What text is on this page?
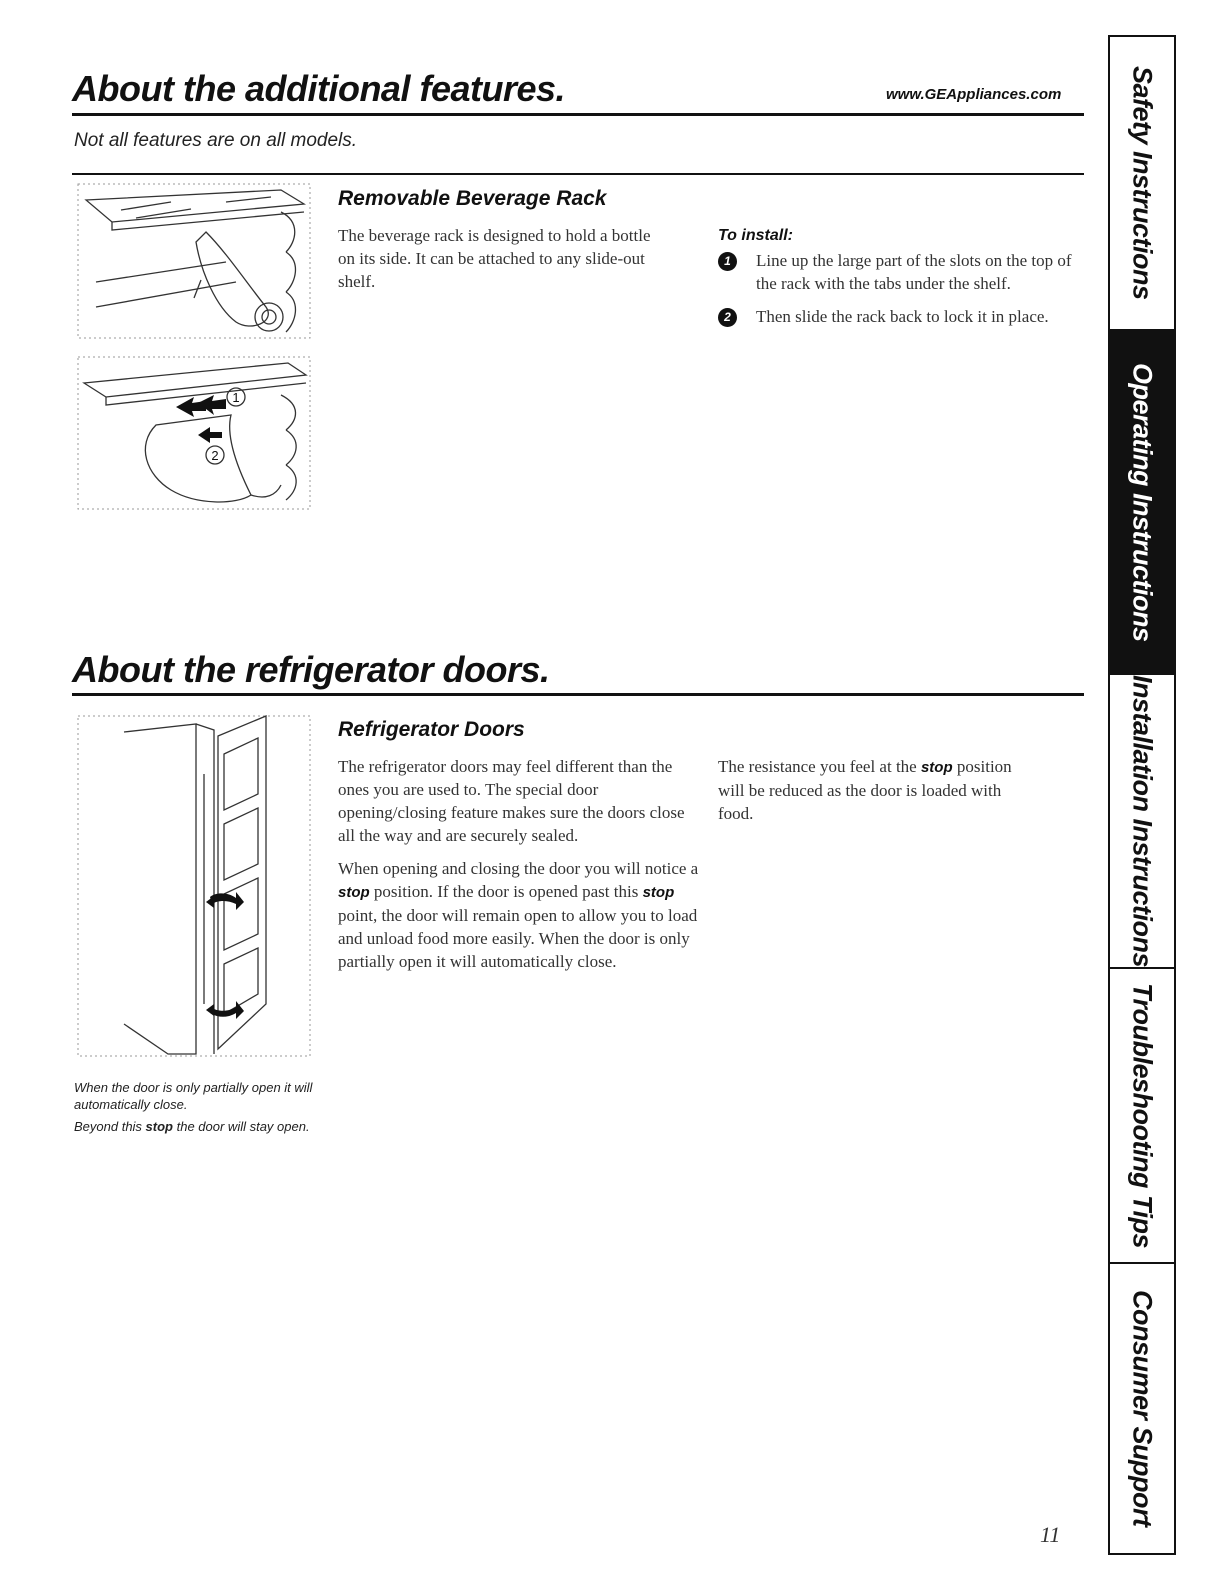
About the additional features.	www.GEAppliances.com
Not all features are on all models.
1
2
Removable Beverage Rack

The beverage rack is designed to hold a bottle on its side. It can be attached to any slide-out shelf.

To install:
1	Line up the large part of the slots on the top of the rack with the tabs under the shelf.

2	Then slide the rack back to lock it in place.

About the refrigerator doors.
When the door is only partially open it will automatically close.
Beyond this stop the door will stay open.
Refrigerator Doors

The refrigerator doors may feel different than the ones you are used to. The special door opening/closing feature makes sure the doors close all the way and are securely sealed.

When opening and closing the door you will notice a stop position. If the door is opened past this stop point, the door will remain open to allow you to load and unload food more easily. When the door is only partially open it will automatically close.

The resistance you feel at the stop position will be reduced as the door is loaded with food.

11
Safety Instructions
Operating Instructions
Installation Instructions
Troubleshooting Tips
Consumer Support
